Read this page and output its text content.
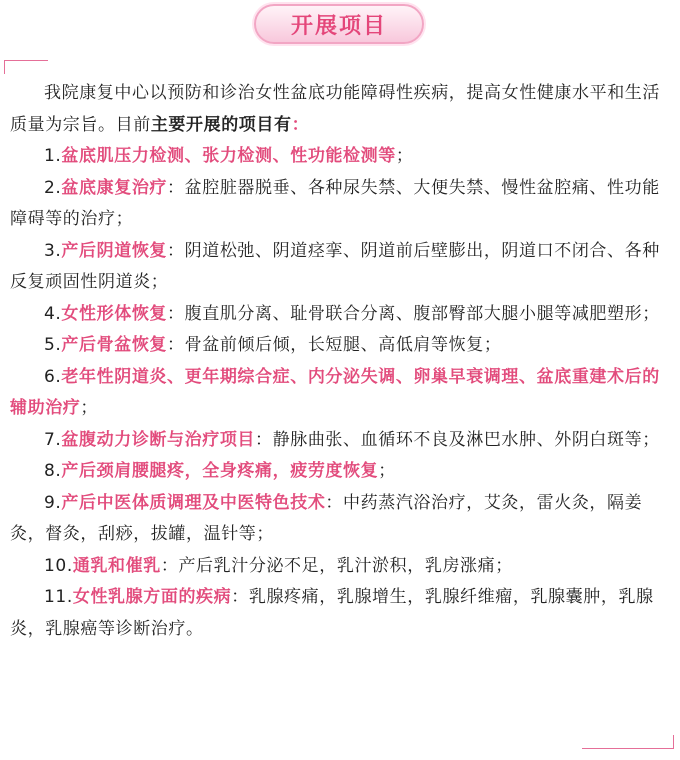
开展项目

我院康复中心以预防和诊治女性盆底功能障碍性疾病，提高女性健康水平和生活质量为宗旨。目前主要开展的项目有：

1.盆底肌压力检测、张力检测、性功能检测等；

2.盆底康复治疗：盆腔脏器脱垂、各种尿失禁、大便失禁、慢性盆腔痛、性功能障碍等的治疗；

3.产后阴道恢复：阴道松弛、阴道痉挛、阴道前后壁膨出，阴道口不闭合、各种反复顽固性阴道炎；

4.女性形体恢复：腹直肌分离、耻骨联合分离、腹部臀部大腿小腿等减肥塑形；

5.产后骨盆恢复：骨盆前倾后倾，长短腿、高低肩等恢复；

6.老年性阴道炎、更年期综合症、内分泌失调、卵巢早衰调理、盆底重建术后的辅助治疗；

7.盆腹动力诊断与治疗项目：静脉曲张、血循环不良及淋巴水肿、外阴白斑等；

8.产后颈肩腰腿疼，全身疼痛，疲劳度恢复；

9.产后中医体质调理及中医特色技术：中药蒸汽浴治疗，艾灸，雷火灸，隔姜灸，督灸，刮痧，拔罐，温针等；

10.通乳和催乳：产后乳汁分泌不足，乳汁淤积，乳房涨痛；

11.女性乳腺方面的疾病：乳腺疼痛，乳腺增生，乳腺纤维瘤，乳腺囊肿，乳腺炎，乳腺癌等诊断治疗。
